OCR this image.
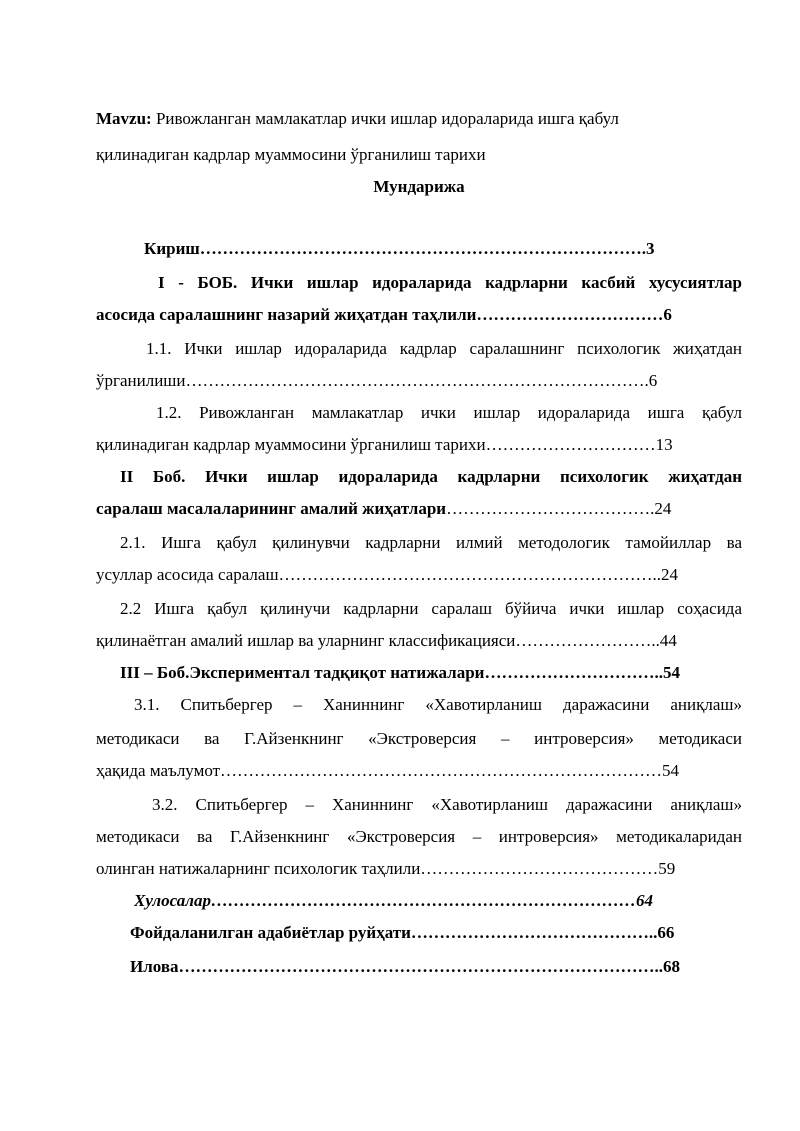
Mavzu: Ривожланган мамлакатлар ички ишлар идораларида ишга қабул
қилинадиган кадрлар муаммосини ўрганилиш тарихи
Мундарижа
Кириш…………………………………………………………………….3
I - БОБ. Ички ишлар идораларида кадрларни касбий хусусиятлар
асосида саралашнинг назарий жиҳатдан таҳлили……………………………6
1.1. Ички ишлар идораларида кадрлар саралашнинг психологик жиҳатдан
ўрганилиши……………………………………………………………………….6
1.2. Ривожланган мамлакатлар ички ишлар идораларида ишга қабул
қилинадиган кадрлар муаммосини ўрганилиш тарихи…………………………13
II Боб. Ички ишлар идораларида кадрларни психологик жиҳатдан
саралаш масалаларининг амалий жиҳатлари……………………………….24
2.1. Ишга қабул қилинувчи кадрларни илмий методологик тамойиллар ва
усуллар асосида саралаш…………………………………………………………..24
2.2 Ишга қабул қилинучи кадрларни саралаш бўйича ички ишлар соҳасида
қилинаётган амалий ишлар ва уларнинг классификацияси……………………..44
III – Боб.Экспериментал тадқиқот натижалари…………………………..54
3.1. Спитьбергер – Ханиннинг «Хавотирланиш даражасини аниқлаш»
методикаси ва Г.Айзенкнинг «Экстроверсия – интроверсия» методикаси
ҳақида маълумот……………………………………………………………………54
3.2. Спитьбергер – Ханиннинг «Хавотирланиш даражасини аниқлаш»
методикаси ва Г.Айзенкнинг «Экстроверсия – интроверсия» методикаларидан
олинган натижаларнинг психологик таҳлили……………………………………59
Хулосалар…………………………………………………………………64
Фойдаланилган адабиётлар руйҳати……………………………………..66
Илова…………………………………………………………………………..68
